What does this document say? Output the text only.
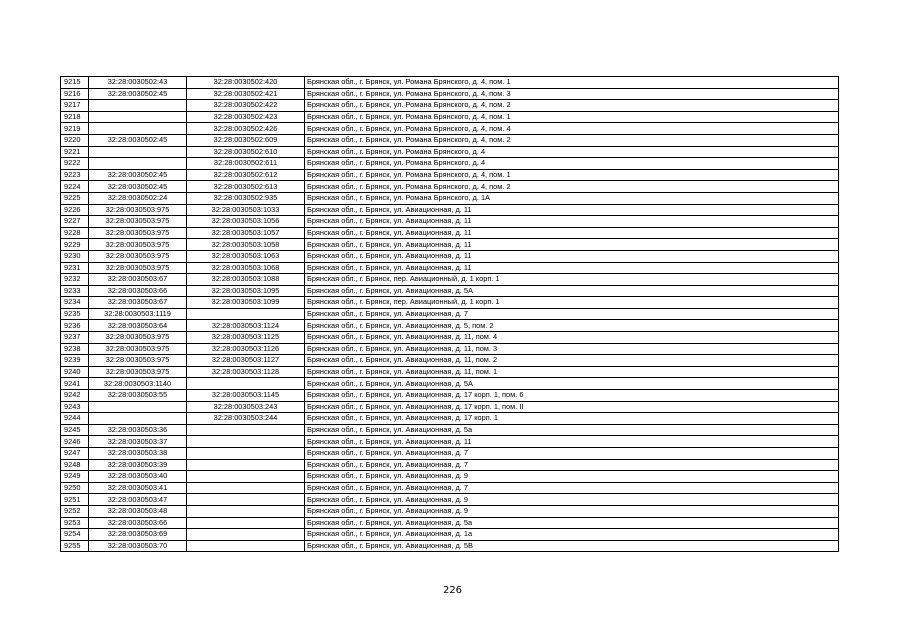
9215	32:28:0030502:43	32:28:0030502:420	Брянская обл., г. Брянск, ул. Романа Брянского, д. 4, пом. 1
9216	32:28:0030502:45	32:28:0030502:421	Брянская обл., г. Брянск, ул. Романа Брянского, д. 4, пом. 3
9217		32:28:0030502:422	Брянская обл., г. Брянск, ул. Романа Брянского, д. 4, пом. 2
9218		32:28:0030502:423	Брянская обл., г. Брянск, ул. Романа Брянского, д. 4, пом. 1
9219		32:28:0030502:426	Брянская обл., г. Брянск, ул. Романа Брянского, д. 4, пом. 4
9220	32:28:0030502:45	32:28:0030502:609	Брянская обл., г. Брянск, ул. Романа Брянского, д. 4, пом. 2
9221		32:28:0030502:610	Брянская обл., г. Брянск, ул. Романа Брянского, д. 4
9222		32:28:0030502:611	Брянская обл., г. Брянск, ул. Романа Брянского, д. 4
9223	32:28:0030502:45	32:28:0030502:612	Брянская обл., г. Брянск, ул. Романа Брянского, д. 4, пом. 1
9224	32:28:0030502:45	32:28:0030502:613	Брянская обл., г. Брянск, ул. Романа Брянского, д. 4, пом. 2
9225	32:28:0030502:24	32:28:0030502:935	Брянская обл., г. Брянск, ул. Романа Брянского, д. 1А
9226	32:28:0030503:975	32:28:0030503:1033	Брянская обл., г. Брянск, ул. Авиационная, д. 11
9227	32:28:0030503:975	32:28:0030503:1056	Брянская обл., г. Брянск, ул. Авиационная, д. 11
9228	32:28:0030503:975	32:28:0030503:1057	Брянская обл., г. Брянск, ул. Авиационная, д. 11
9229	32:28:0030503:975	32:28:0030503:1058	Брянская обл., г. Брянск, ул. Авиационная, д. 11
9230	32:28:0030503:975	32:28:0030503:1063	Брянская обл., г. Брянск, ул. Авиационная, д. 11
9231	32:28:0030503:975	32:28:0030503:1068	Брянская обл., г. Брянск, ул. Авиационная, д. 11
9232	32:28:0030503:67	32:28:0030503:1088	Брянская обл., г. Брянск, пер. Авиационный, д. 1 корп. 1
9233	32:28:0030503:66	32:28:0030503:1095	Брянская обл., г. Брянск, ул. Авиационная, д. 5А
9234	32:28:0030503:67	32:28:0030503:1099	Брянская обл., г. Брянск, пер. Авиационный, д. 1 корп. 1
9235	32:28:0030503:1119		Брянская обл., г. Брянск, ул. Авиационная, д. 7
9236	32:28:0030503:64	32:28:0030503:1124	Брянская обл., г. Брянск, ул. Авиационная, д. 5, пом. 2
9237	32:28:0030503:975	32:28:0030503:1125	Брянская обл., г. Брянск, ул. Авиационная, д. 11, пом. 4
9238	32:28:0030503:975	32:28:0030503:1126	Брянская обл., г. Брянск, ул. Авиационная, д. 11, пом. 3
9239	32:28:0030503:975	32:28:0030503:1127	Брянская обл., г. Брянск, ул. Авиационная, д. 11, пом. 2
9240	32:28:0030503:975	32:28:0030503:1128	Брянская обл., г. Брянск, ул. Авиационная, д. 11, пом. 1
9241	32:28:0030503:1140		Брянская обл., г. Брянск, ул. Авиационная, д. 5А
9242	32:28:0030503:55	32:28:0030503:1145	Брянская обл., г. Брянск, ул. Авиационная, д. 17 корп. 1, пом. 6
9243		32:28:0030503:243	Брянская обл., г. Брянск, ул. Авиационная, д. 17 корп. 1, пом. II
9244		32:28:0030503:244	Брянская обл., г. Брянск, ул. Авиационная, д. 17 корп. 1
9245	32:28:0030503:36		Брянская обл., г. Брянск, ул. Авиационная, д. 5а
9246	32:28:0030503:37		Брянская обл., г. Брянск, ул. Авиационная, д. 11
9247	32:28:0030503:38		Брянская обл., г. Брянск, ул. Авиационная, д. 7
9248	32:28:0030503:39		Брянская обл., г. Брянск, ул. Авиационная, д. 7
9249	32:28:0030503:40		Брянская обл., г. Брянск, ул. Авиационная, д. 9
9250	32:28:0030503:41		Брянская обл., г. Брянск, ул. Авиационная, д. 7
9251	32:28:0030503:47		Брянская обл., г. Брянск, ул. Авиационная, д. 9
9252	32:28:0030503:48		Брянская обл., г. Брянск, ул. Авиационная, д. 9
9253	32:28:0030503:66		Брянская обл., г. Брянск, ул. Авиационная, д. 5а
9254	32:28:0030503:69		Брянская обл., г. Брянск, ул. Авиационная, д. 1а
9255	32:28:0030503:70		Брянская обл., г. Брянск, ул. Авиационная, д. 5В
226
